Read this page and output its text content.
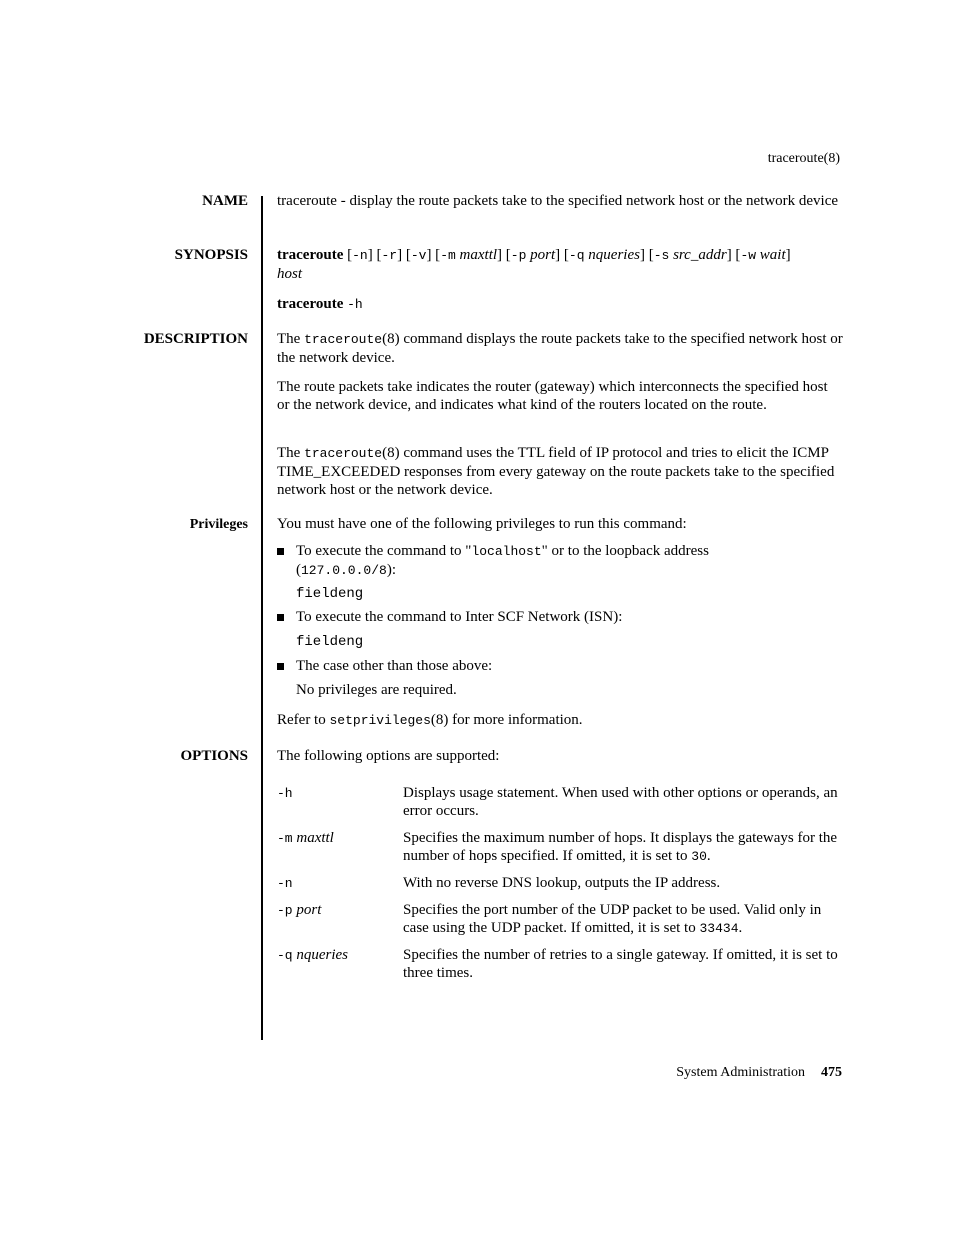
traceroute(8)
NAME traceroute - display the route packets take to the specified network host or the network device
SYNOPSIS traceroute [-n] [-r] [-v] [-m maxttl] [-p port] [-q nqueries] [-s src_addr] [-w wait]
host
traceroute -h
DESCRIPTION The traceroute(8) command displays the route packets take to the specified network host or the network device.
The route packets take indicates the router (gateway) which interconnects the specified host or the network device, and indicates what kind of the routers located on the route.
The traceroute(8) command uses the TTL field of IP protocol and tries to elicit the ICMP TIME_EXCEEDED responses from every gateway on the route packets take to the specified network host or the network device.
Privileges You must have one of the following privileges to run this command:
To execute the command to "localhost" or to the loopback address
(127.0.0.0/8):
fieldeng
To execute the command to Inter SCF Network (ISN):
fieldeng
The case other than those above:
No privileges are required.
Refer to setprivileges(8) for more information.
OPTIONS The following options are supported:
-h	Displays usage statement. When used with other options or operands, an error occurs.
-m maxttl	Specifies the maximum number of hops. It displays the gateways for the number of hops specified. If omitted, it is set to 30.
-n	With no reverse DNS lookup, outputs the IP address.
-p port	Specifies the port number of the UDP packet to be used. Valid only in case using the UDP packet. If omitted, it is set to 33434.
-q nqueries	Specifies the number of retries to a single gateway. If omitted, it is set to three times.
System Administration 475
